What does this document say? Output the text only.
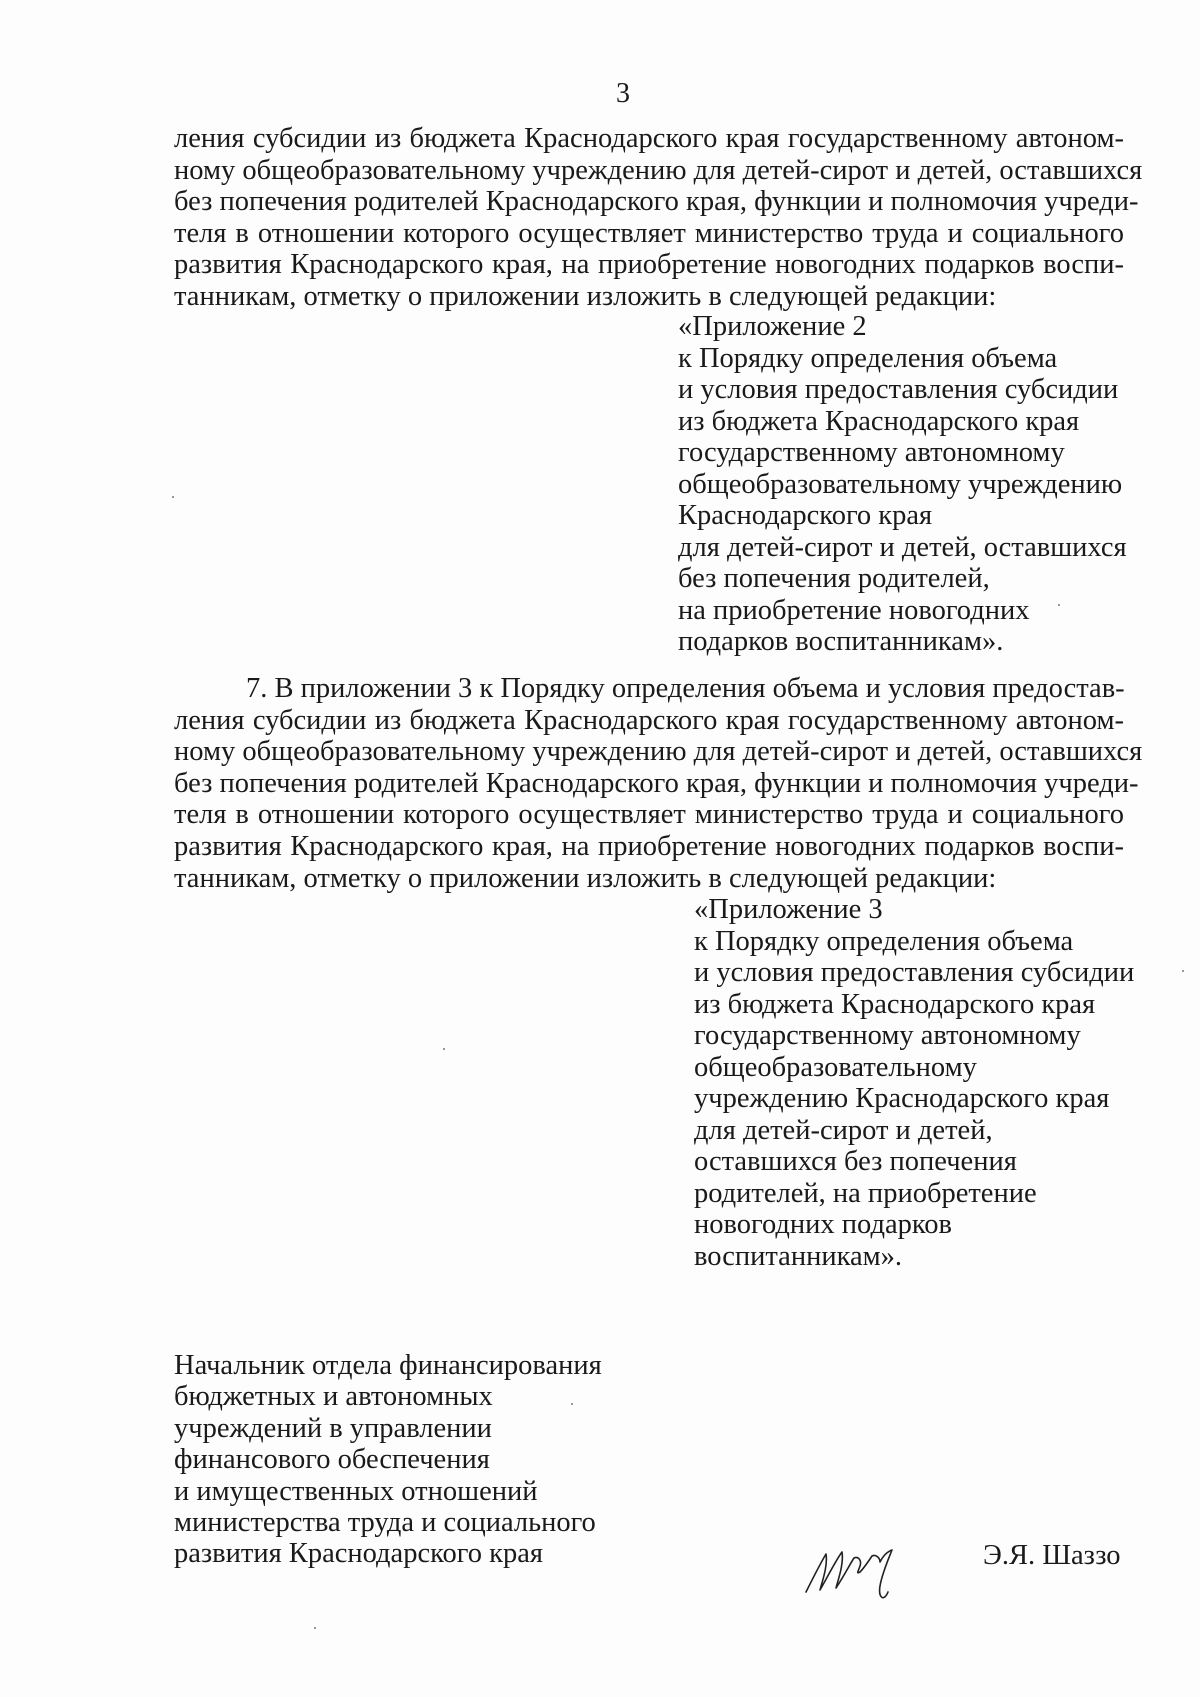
3
ления субсидии из бюджета Краснодарского края государственному автоном-
ному общеобразовательному учреждению для детей-сирот и детей, оставшихся
без попечения родителей Краснодарского края, функции и полномочия учреди-
теля в отношении которого осуществляет министерство труда и социального
развития Краснодарского края, на приобретение новогодних подарков воспи-
танникам, отметку о приложении изложить в следующей редакции:
«Приложение 2
к Порядку определения объема
и условия предоставления субсидии
из бюджета Краснодарского края
государственному автономному
общеобразовательному учреждению
Краснодарского края
для детей-сирот и детей, оставшихся
без попечения родителей,
на приобретение новогодних
подарков воспитанникам».
7. В приложении 3 к Порядку определения объема и условия предостав-
ления субсидии из бюджета Краснодарского края государственному автоном-
ному общеобразовательному учреждению для детей-сирот и детей, оставшихся
без попечения родителей Краснодарского края, функции и полномочия учреди-
теля в отношении которого осуществляет министерство труда и социального
развития Краснодарского края, на приобретение новогодних подарков воспи-
танникам, отметку о приложении изложить в следующей редакции:
«Приложение 3
к Порядку определения объема
и условия предоставления субсидии
из бюджета Краснодарского края
государственному автономному
общеобразовательному
учреждению Краснодарского края
для детей-сирот и детей,
оставшихся без попечения
родителей, на приобретение
новогодних подарков
воспитанникам».
Начальник отдела финансирования
бюджетных и автономных
учреждений в управлении
финансового обеспечения
и имущественных отношений
министерства труда и социального
развития Краснодарского края	Э.Я. Шаззо
